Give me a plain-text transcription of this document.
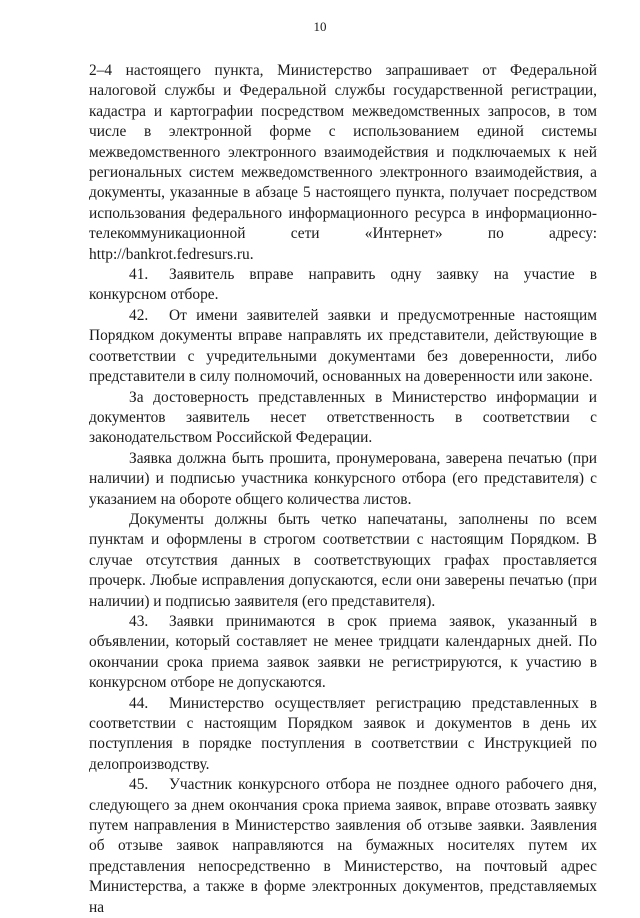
10

2–4 настоящего пункта, Министерство запрашивает от Федеральной налоговой службы и Федеральной службы государственной регистрации, кадастра и картографии посредством межведомственных запросов, в том числе в электронной форме с использованием единой системы межведомственного электронного взаимодействия и подключаемых к ней региональных систем межведомственного электронного взаимодействия, а документы, указанные в абзаце 5 настоящего пункта, получает посредством использования федерального информационного ресурса в информационно-телекоммуникационной сети «Интернет» по адресу: http://bankrot.fedresurs.ru.

41. Заявитель вправе направить одну заявку на участие в конкурсном отборе.

42. От имени заявителей заявки и предусмотренные настоящим Порядком документы вправе направлять их представители, действующие в соответствии с учредительными документами без доверенности, либо представители в силу полномочий, основанных на доверенности или законе.

За достоверность представленных в Министерство информации и документов заявитель несет ответственность в соответствии с законодательством Российской Федерации.

Заявка должна быть прошита, пронумерована, заверена печатью (при наличии) и подписью участника конкурсного отбора (его представителя) с указанием на обороте общего количества листов.

Документы должны быть четко напечатаны, заполнены по всем пунктам и оформлены в строгом соответствии с настоящим Порядком. В случае отсутствия данных в соответствующих графах проставляется прочерк. Любые исправления допускаются, если они заверены печатью (при наличии) и подписью заявителя (его представителя).

43. Заявки принимаются в срок приема заявок, указанный в объявлении, который составляет не менее тридцати календарных дней. По окончании срока приема заявок заявки не регистрируются, к участию в конкурсном отборе не допускаются.

44. Министерство осуществляет регистрацию представленных в соответствии с настоящим Порядком заявок и документов в день их поступления в порядке поступления в соответствии с Инструкцией по делопроизводству.

45. Участник конкурсного отбора не позднее одного рабочего дня, следующего за днем окончания срока приема заявок, вправе отозвать заявку путем направления в Министерство заявления об отзыве заявки. Заявления об отзыве заявок направляются на бумажных носителях путем их представления непосредственно в Министерство, на почтовый адрес Министерства, а также в форме электронных документов, представляемых на
